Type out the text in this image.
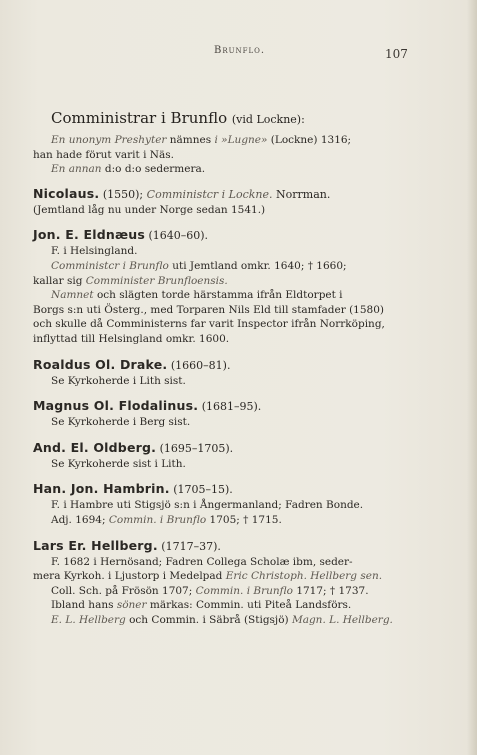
Brunflo.	107
Comministrar i Brunflo (vid Lockne):

En unonym Preshyter nämnes i »Lugne» (Lockne) 1316;

han hade förut varit i Näs.

En annan d:o d:o sedermera.

Nicolaus. (1550); Comministcr i Lockne. Norrman.

(Jemtland låg nu under Norge sedan 1541.)

Jon. E. Eldnæus (1640–60).

F. i Helsingland.

Comministcr i Brunflo uti Jemtland omkr. 1640; † 1660;

kallar sig Comminister Brunfloensis.

Namnet och slägten torde härstamma ifrån Eldtorpet i

Borgs s:n uti Österg., med Torparen Nils Eld till stamfader (1580)

och skulle då Comministerns far varit Inspector ifrån Norrköping,

inflyttad till Helsingland omkr. 1600.

Roaldus Ol. Drake. (1660–81).

Se Kyrkoherde i Lith sist.

Magnus Ol. Flodalinus. (1681–95).

Se Kyrkoherde i Berg sist.

And. El. Oldberg. (1695–1705).

Se Kyrkoherde sist i Lith.

Han. Jon. Hambrin. (1705–15).

F. i Hambre uti Stigsjö s:n i Ångermanland; Fadren Bonde.

Adj. 1694; Commin. i Brunflo 1705; † 1715.

Lars Er. Hellberg. (1717–37).

F. 1682 i Hernösand; Fadren Collega Scholæ ibm, seder-

mera Kyrkoh. i Ljustorp i Medelpad Eric Christoph. Hellberg sen.

Coll. Sch. på Frösön 1707; Commin. i Brunflo 1717; † 1737.

Ibland hans söner märkas: Commin. uti Piteå Landsförs.

E. L. Hellberg och Commin. i Säbrå (Stigsjö) Magn. L. Hellberg.
